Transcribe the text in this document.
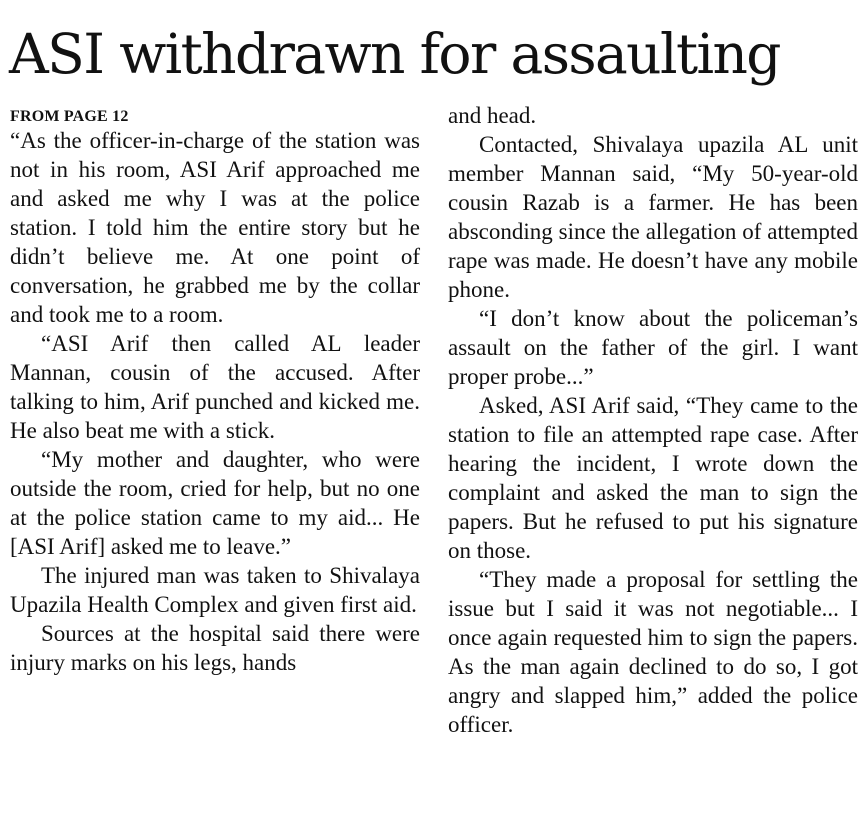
ASI withdrawn for assaulting
FROM PAGE 12

“As the officer-in-charge of the station was not in his room, ASI Arif approached me and asked me why I was at the police station. I told him the entire story but he didn’t believe me. At one point of conversation, he grabbed me by the collar and took me to a room.

“ASI Arif then called AL leader Mannan, cousin of the accused. After talking to him, Arif punched and kicked me. He also beat me with a stick.

“My mother and daughter, who were outside the room, cried for help, but no one at the police station came to my aid... He [ASI Arif] asked me to leave.”

The injured man was taken to Shivalaya Upazila Health Complex and given first aid.

Sources at the hospital said there were injury marks on his legs, hands

and head.

Contacted, Shivalaya upazila AL unit member Mannan said, “My 50-year-old cousin Razab is a farmer. He has been absconding since the allegation of attempted rape was made. He doesn’t have any mobile phone.

“I don’t know about the policeman’s assault on the father of the girl. I want proper probe...”

Asked, ASI Arif said, “They came to the station to file an attempted rape case. After hearing the incident, I wrote down the complaint and asked the man to sign the papers. But he refused to put his signature on those.

“They made a proposal for settling the issue but I said it was not negotiable... I once again requested him to sign the papers. As the man again declined to do so, I got angry and slapped him,” added the police officer.
